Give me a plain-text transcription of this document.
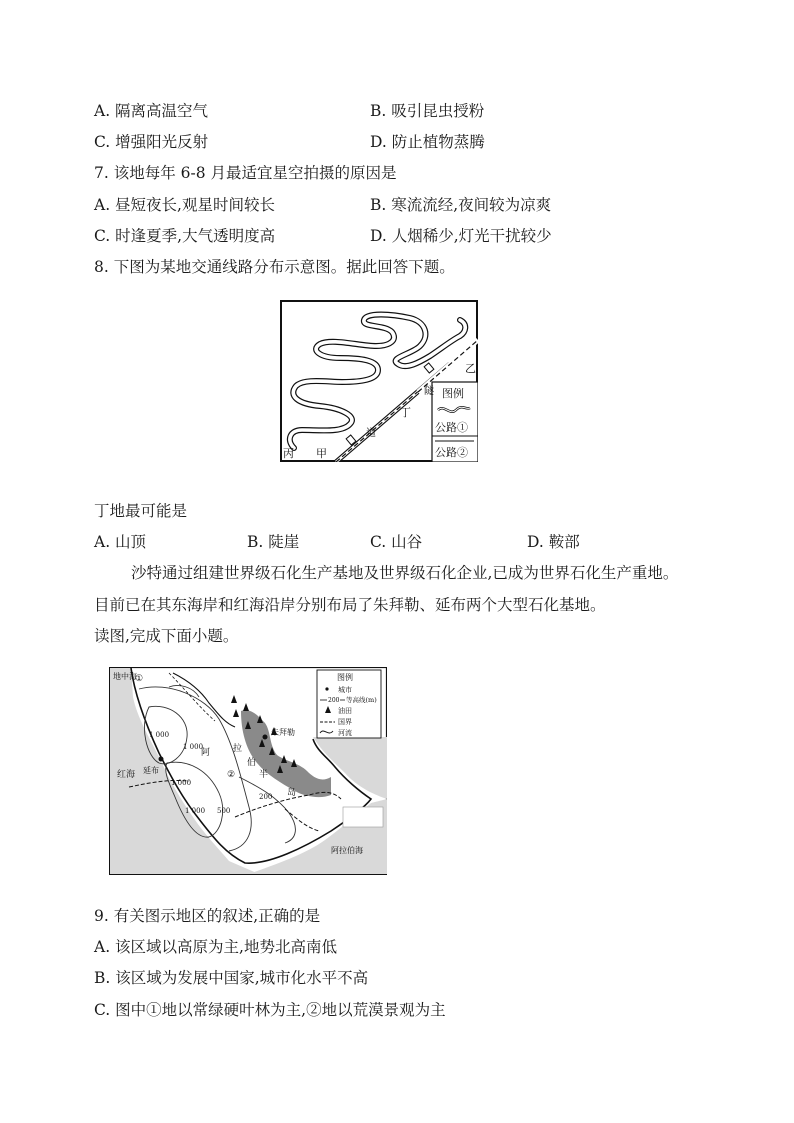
A. 隔离高温空气	B. 吸引昆虫授粉
C. 增强阳光反射	D. 防止植物蒸腾
7. 该地每年 6-8 月最适宜星空拍摄的原因是
A. 昼短夜长,观星时间较长	B. 寒流流经,夜间较为凉爽
C. 时逢夏季,大气透明度高	D. 人烟稀少,灯光干扰较少
8. 下图为某地交通线路分布示意图。据此回答下题。
图例
公路①
公路②
乙
隧
丁
道
甲
丙
丁地最可能是
A. 山顶	B. 陡崖	C. 山谷	D. 鞍部
沙特通过组建世界级石化生产基地及世界级石化企业,已成为世界石化生产重地。
目前已在其东海岸和红海沿岸分别布局了朱拜勒、延布两个大型石化基地。
读图,完成下面小题。
图例
城市
200 等高线(m)
油田
国界
河流
地中海
①
红海
阿拉伯海
阿	拉
伯
半
岛
朱拜勒
延布	②
1 000
1 000
1 000
1 000 500
200
9. 有关图示地区的叙述,正确的是
A. 该区域以高原为主,地势北高南低
B. 该区域为发展中国家,城市化水平不高
C. 图中①地以常绿硬叶林为主,②地以荒漠景观为主
